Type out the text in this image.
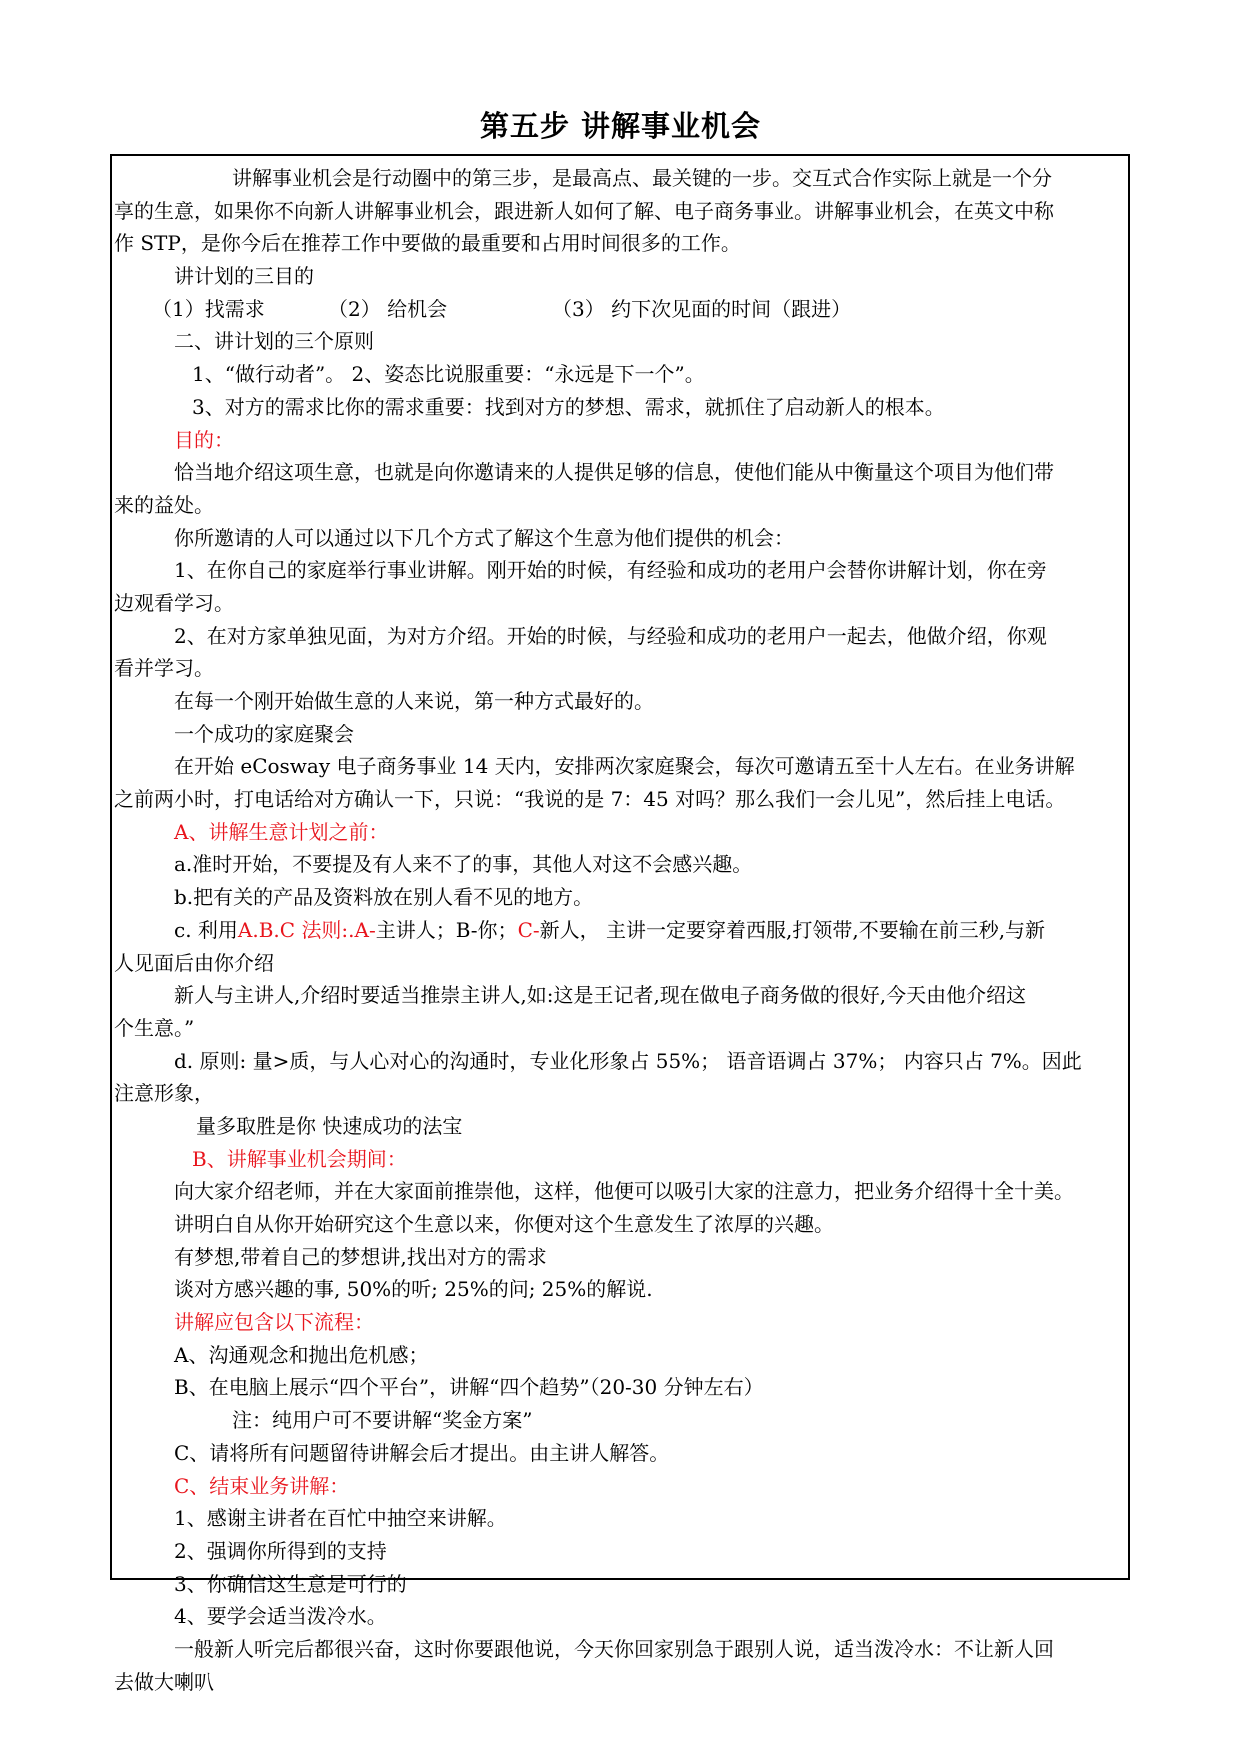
第五步 讲解事业机会
讲解事业机会是行动圈中的第三步，是最高点、最关键的一步。交互式合作实际上就是一个分
享的生意，如果你不向新人讲解事业机会，跟进新人如何了解、电子商务事业。讲解事业机会，在英文中称
作 STP，是你今后在推荐工作中要做的最重要和占用时间很多的工作。
讲计划的三目的
（1）找需求	（2） 给机会	（3） 约下次见面的时间（跟进）
二、讲计划的三个原则
1、“做行动者”。 2、姿态比说服重要：“永远是下一个”。
3、对方的需求比你的需求重要：找到对方的梦想、需求，就抓住了启动新人的根本。
目的：
恰当地介绍这项生意，也就是向你邀请来的人提供足够的信息，使他们能从中衡量这个项目为他们带
来的益处。
你所邀请的人可以通过以下几个方式了解这个生意为他们提供的机会：
1、在你自己的家庭举行事业讲解。刚开始的时候，有经验和成功的老用户会替你讲解计划，你在旁
边观看学习。
2、在对方家单独见面，为对方介绍。开始的时候，与经验和成功的老用户一起去，他做介绍，你观
看并学习。
在每一个刚开始做生意的人来说，第一种方式最好的。
一个成功的家庭聚会
在开始 eCosway 电子商务事业 14 天内，安排两次家庭聚会，每次可邀请五至十人左右。在业务讲解
之前两小时，打电话给对方确认一下，只说：“我说的是 7：45 对吗？那么我们一会儿见”，然后挂上电话。
A、讲解生意计划之前：
a.准时开始，不要提及有人来不了的事，其他人对这不会感兴趣。
b.把有关的产品及资料放在别人看不见的地方。
c. 利用A.B.C 法则:.A-主讲人；B-你；C-新人， 主讲一定要穿着西服,打领带,不要输在前三秒,与新
人见面后由你介绍
新人与主讲人,介绍时要适当推崇主讲人,如:这是王记者,现在做电子商务做的很好,今天由他介绍这
个生意。”
d. 原则: 量>质，与人心对心的沟通时，专业化形象占 55%； 语音语调占 37%； 内容只占 7%。因此
注意形象，
量多取胜是你 快速成功的法宝
B、讲解事业机会期间：
向大家介绍老师，并在大家面前推崇他，这样，他便可以吸引大家的注意力，把业务介绍得十全十美。
讲明白自从你开始研究这个生意以来，你便对这个生意发生了浓厚的兴趣。
有梦想,带着自己的梦想讲,找出对方的需求
谈对方感兴趣的事, 50%的听; 25%的问; 25%的解说.
讲解应包含以下流程：
A、沟通观念和抛出危机感；
B、在电脑上展示“四个平台”，讲解“四个趋势”（20-30 分钟左右）
注：纯用户可不要讲解“奖金方案”
C、请将所有问题留待讲解会后才提出。由主讲人解答。
C、结束业务讲解：
1、感谢主讲者在百忙中抽空来讲解。
2、强调你所得到的支持
3、你确信这生意是可行的
4、要学会适当泼冷水。
一般新人听完后都很兴奋，这时你要跟他说，今天你回家别急于跟别人说，适当泼冷水：不让新人回
去做大喇叭
